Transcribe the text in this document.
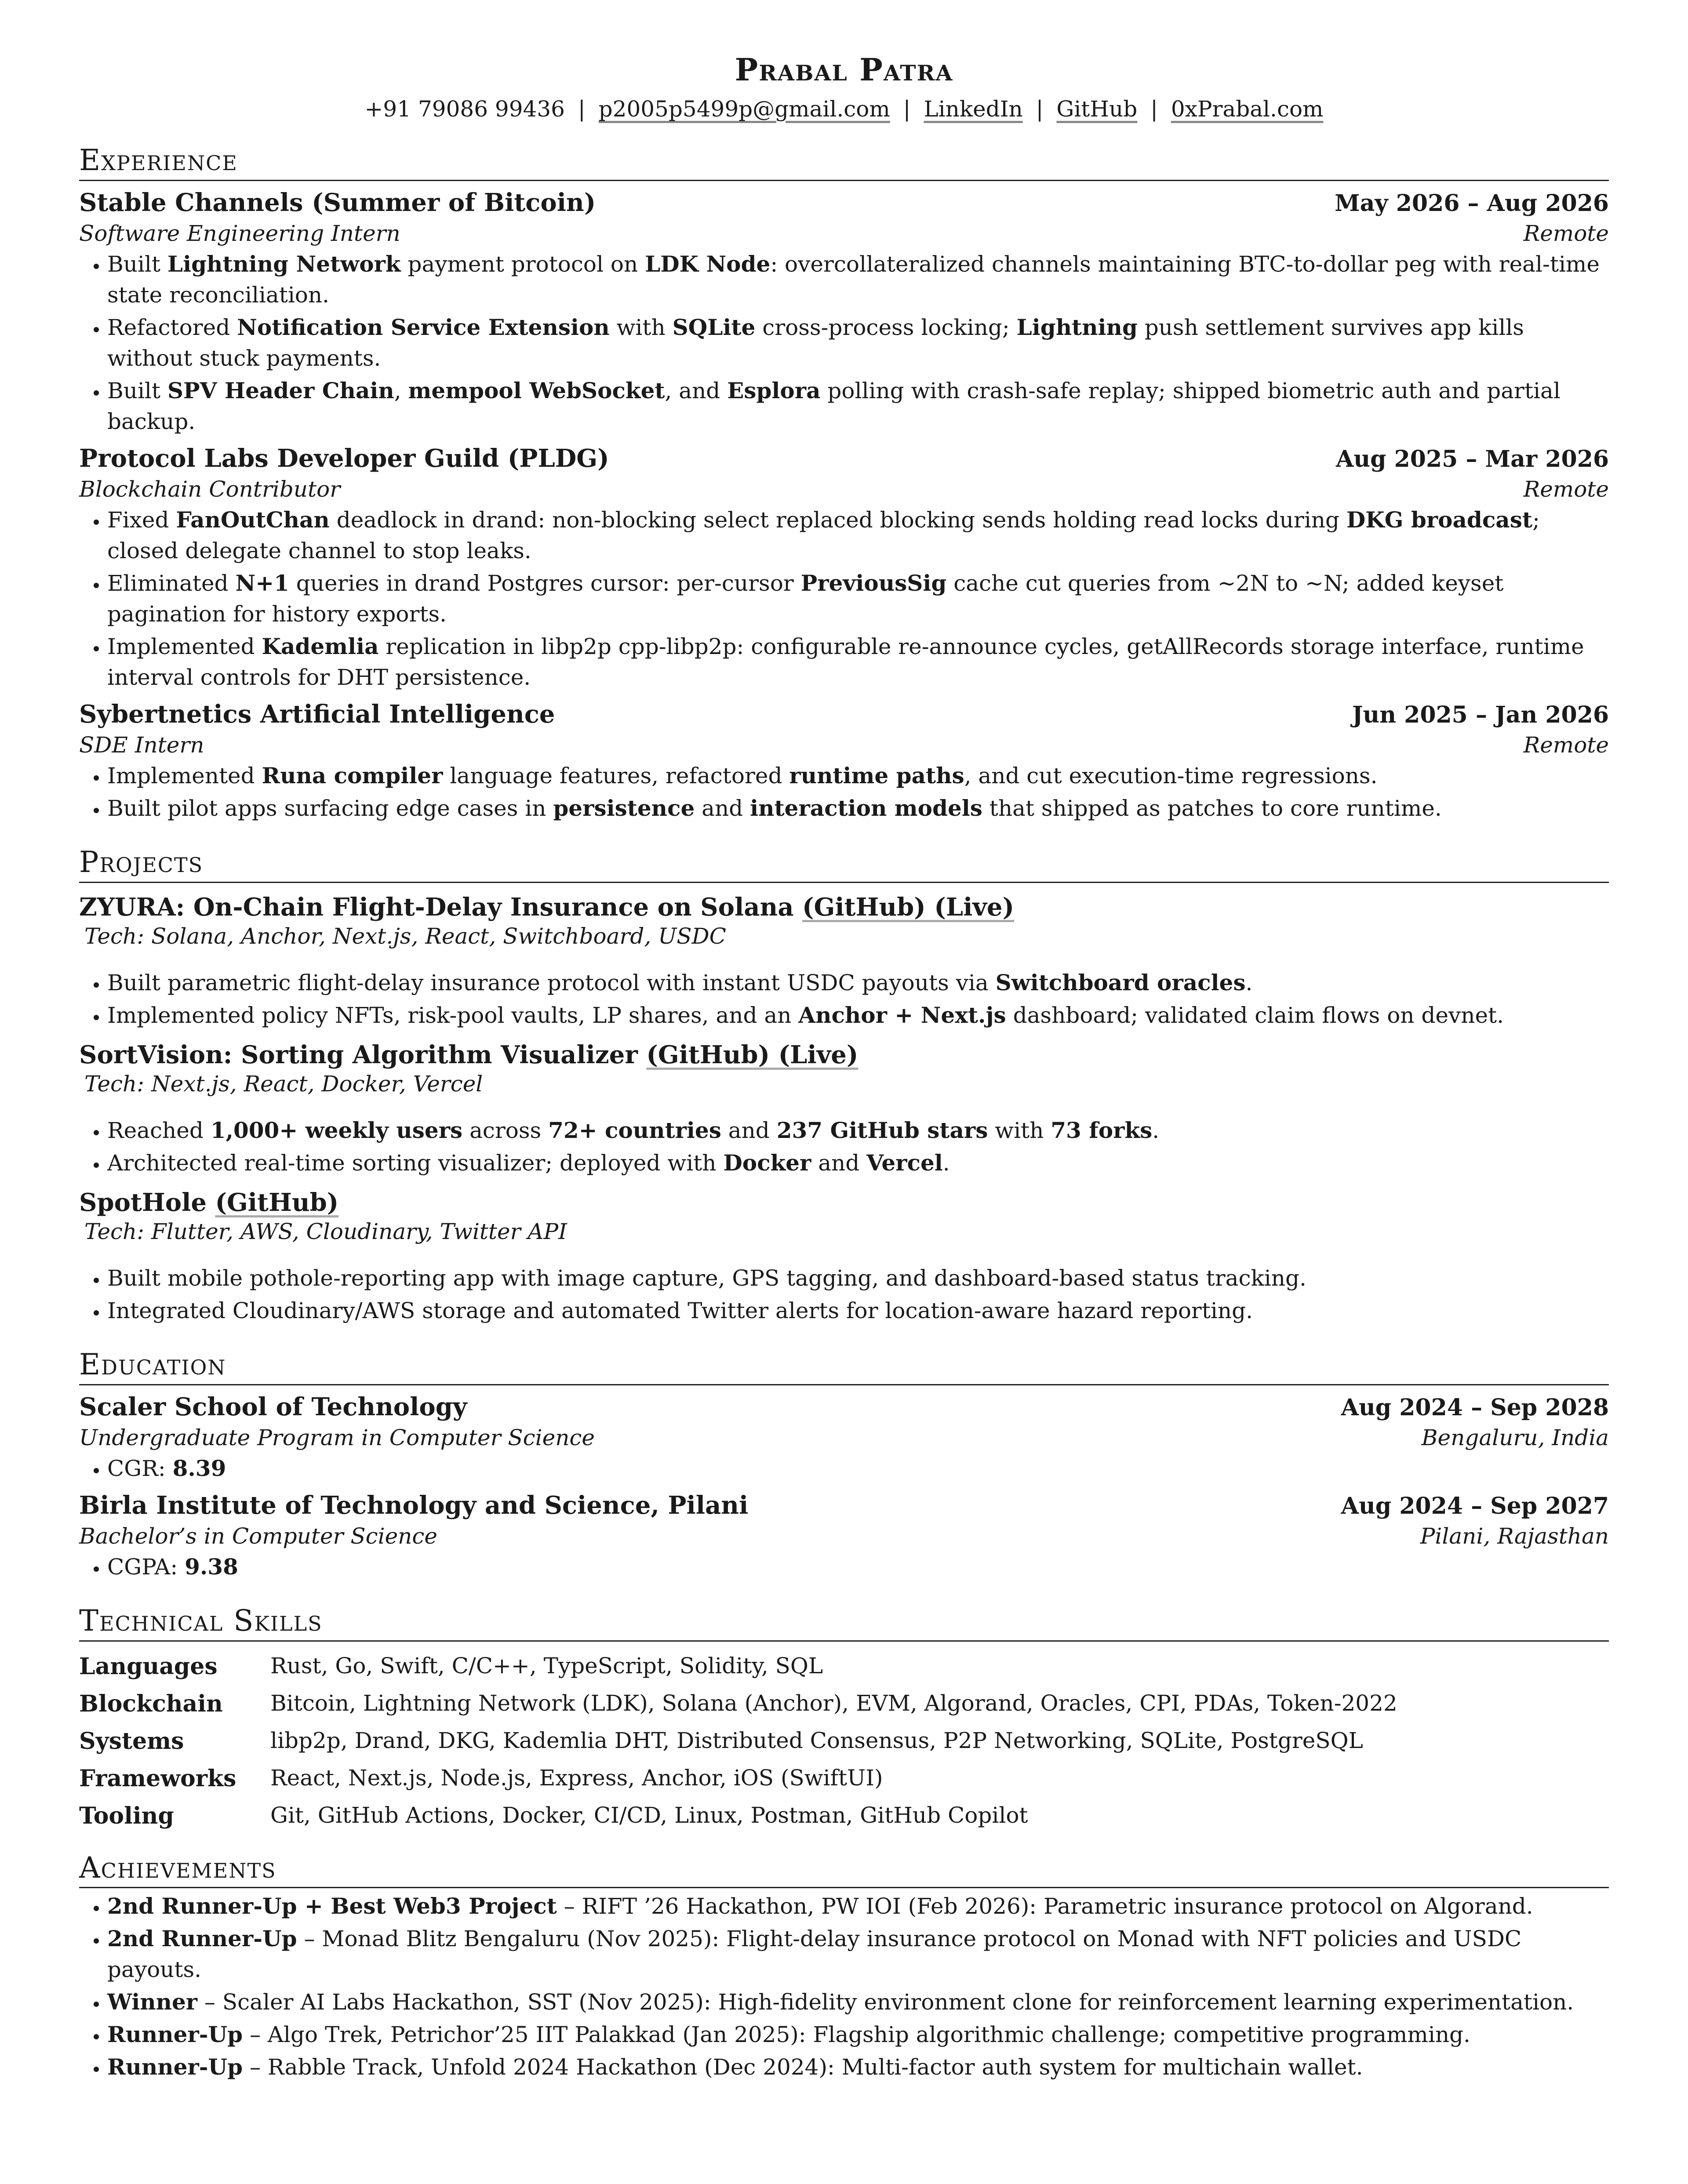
Prabal Patra
+91 79086 99436 | p2005p5499p@gmail.com | LinkedIn | GitHub | 0xPrabal.com
Experience
Stable Channels (Summer of Bitcoin)	May 2026 – Aug 2026
Software Engineering Intern	Remote
• Built Lightning Network payment protocol on LDK Node: overcollateralized channels maintaining BTC-to-dollar peg with real-time state reconciliation.
• Refactored Notification Service Extension with SQLite cross-process locking; Lightning push settlement survives app kills without stuck payments.
• Built SPV Header Chain, mempool WebSocket, and Esplora polling with crash-safe replay; shipped biometric auth and partial backup.
Protocol Labs Developer Guild (PLDG)	Aug 2025 – Mar 2026
Blockchain Contributor	Remote
• Fixed FanOutChan deadlock in drand: non-blocking select replaced blocking sends holding read locks during DKG broadcast; closed delegate channel to stop leaks.
• Eliminated N+1 queries in drand Postgres cursor: per-cursor PreviousSig cache cut queries from ∼2N to ∼N; added keyset pagination for history exports.
• Implemented Kademlia replication in libp2p cpp-libp2p: configurable re-announce cycles, getAllRecords storage interface, runtime interval controls for DHT persistence.
Sybertnetics Artificial Intelligence	Jun 2025 – Jan 2026
SDE Intern	Remote
• Implemented Runa compiler language features, refactored runtime paths, and cut execution-time regressions.
• Built pilot apps surfacing edge cases in persistence and interaction models that shipped as patches to core runtime.
Projects
ZYURA: On-Chain Flight-Delay Insurance on Solana (GitHub) (Live)
Tech: Solana, Anchor, Next.js, React, Switchboard, USDC
• Built parametric flight-delay insurance protocol with instant USDC payouts via Switchboard oracles.
• Implemented policy NFTs, risk-pool vaults, LP shares, and an Anchor + Next.js dashboard; validated claim flows on devnet.
SortVision: Sorting Algorithm Visualizer (GitHub) (Live)
Tech: Next.js, React, Docker, Vercel
• Reached 1,000+ weekly users across 72+ countries and 237 GitHub stars with 73 forks.
• Architected real-time sorting visualizer; deployed with Docker and Vercel.
SpotHole (GitHub)
Tech: Flutter, AWS, Cloudinary, Twitter API
• Built mobile pothole-reporting app with image capture, GPS tagging, and dashboard-based status tracking.
• Integrated Cloudinary/AWS storage and automated Twitter alerts for location-aware hazard reporting.
Education
Scaler School of Technology	Aug 2024 – Sep 2028
Undergraduate Program in Computer Science	Bengaluru, India
• CGR: 8.39
Birla Institute of Technology and Science, Pilani	Aug 2024 – Sep 2027
Bachelor’s in Computer Science	Pilani, Rajasthan
• CGPA: 9.38
Technical Skills
Languages	Rust, Go, Swift, C/C++, TypeScript, Solidity, SQL
Blockchain	Bitcoin, Lightning Network (LDK), Solana (Anchor), EVM, Algorand, Oracles, CPI, PDAs, Token-2022
Systems	libp2p, Drand, DKG, Kademlia DHT, Distributed Consensus, P2P Networking, SQLite, PostgreSQL
Frameworks	React, Next.js, Node.js, Express, Anchor, iOS (SwiftUI)
Tooling	Git, GitHub Actions, Docker, CI/CD, Linux, Postman, GitHub Copilot
Achievements
• 2nd Runner-Up + Best Web3 Project – RIFT ’26 Hackathon, PW IOI (Feb 2026): Parametric insurance protocol on Algorand.
• 2nd Runner-Up – Monad Blitz Bengaluru (Nov 2025): Flight-delay insurance protocol on Monad with NFT policies and USDC payouts.
• Winner – Scaler AI Labs Hackathon, SST (Nov 2025): High-fidelity environment clone for reinforcement learning experimentation.
• Runner-Up – Algo Trek, Petrichor’25 IIT Palakkad (Jan 2025): Flagship algorithmic challenge; competitive programming.
• Runner-Up – Rabble Track, Unfold 2024 Hackathon (Dec 2024): Multi-factor auth system for multichain wallet.
